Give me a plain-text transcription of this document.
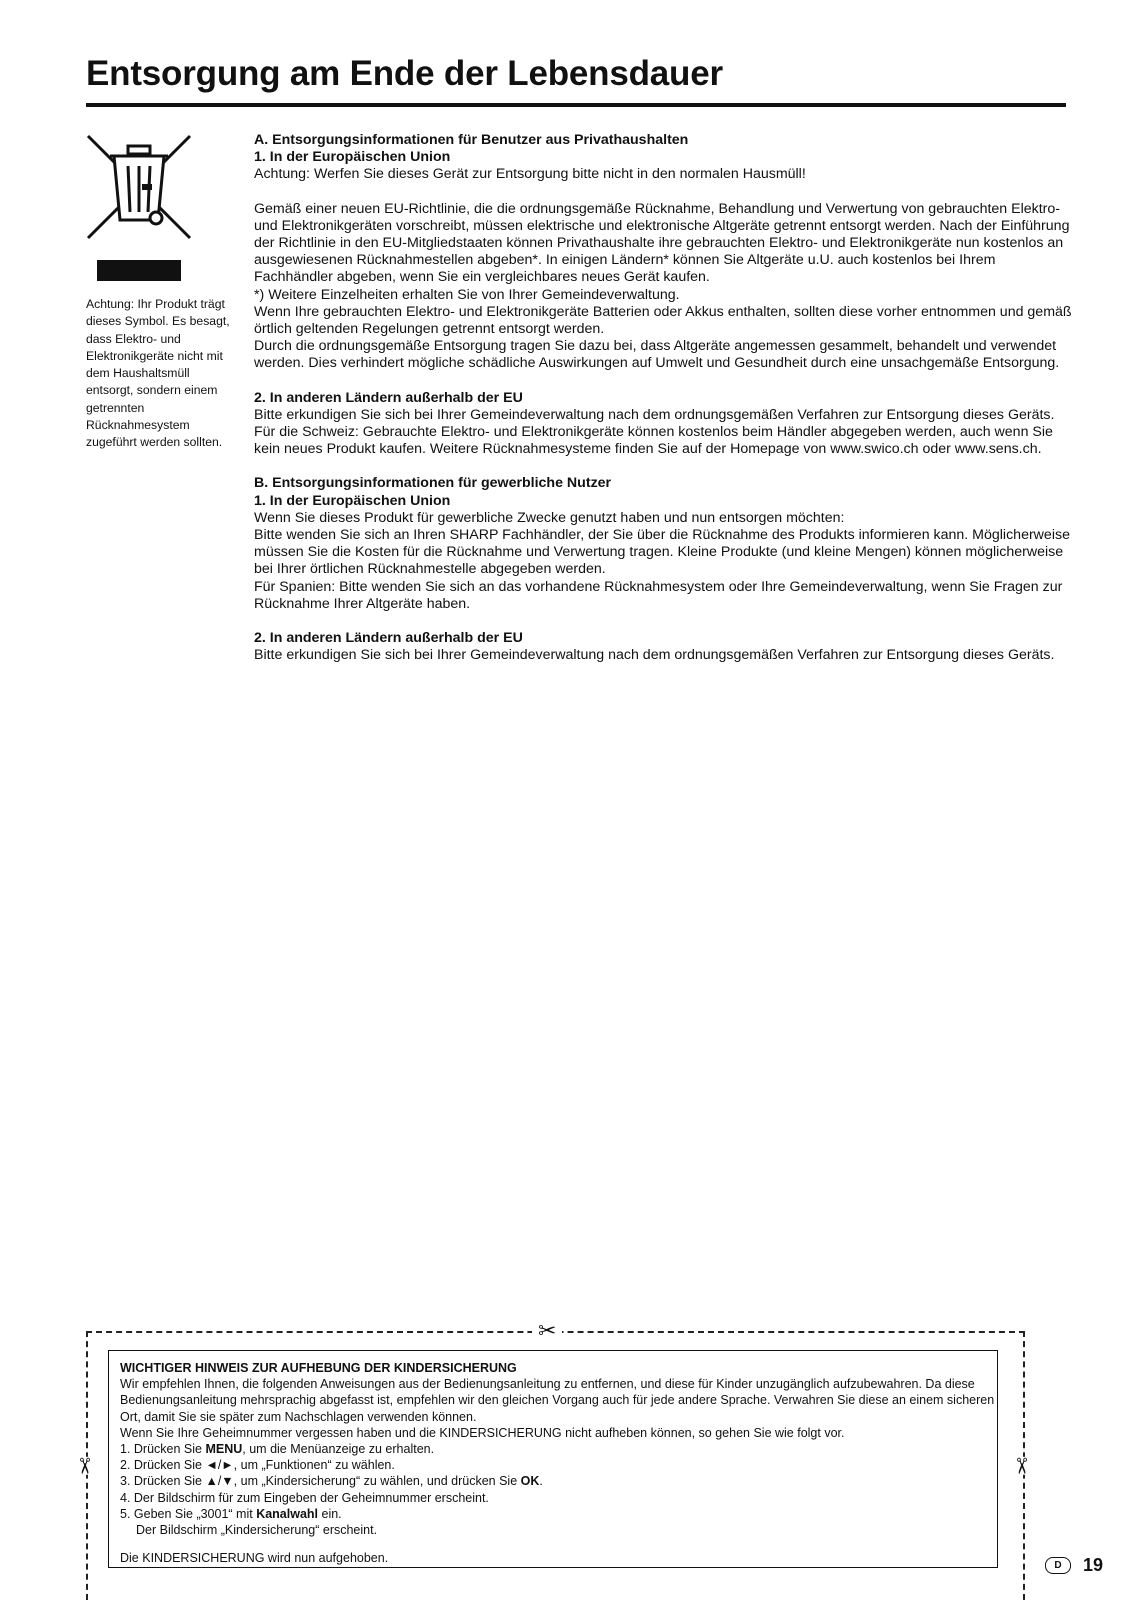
Entsorgung am Ende der Lebensdauer
Achtung: Ihr Produkt trägt dieses Symbol. Es besagt, dass Elektro- und Elektronikgeräte nicht mit dem Haushaltsmüll entsorgt, sondern einem getrennten Rücknahmesystem zugeführt werden sollten.

A. Entsorgungsinformationen für Benutzer aus Privathaushalten

1. In der Europäischen Union

Achtung: Werfen Sie dieses Gerät zur Entsorgung bitte nicht in den normalen Hausmüll!

Gemäß einer neuen EU-Richtlinie, die die ordnungsgemäße Rücknahme, Behandlung und Verwertung von gebrauchten Elektro- und Elektronikgeräten vorschreibt, müssen elektrische und elektronische Altgeräte getrennt entsorgt werden. Nach der Einführung der Richtlinie in den EU-Mitgliedstaaten können Privathaushalte ihre gebrauchten Elektro- und Elektronikgeräte nun kostenlos an ausgewiesenen Rücknahmestellen abgeben*. In einigen Ländern* können Sie Altgeräte u.U. auch kostenlos bei Ihrem Fachhändler abgeben, wenn Sie ein vergleichbares neues Gerät kaufen.

*) Weitere Einzelheiten erhalten Sie von Ihrer Gemeindeverwaltung.

Wenn Ihre gebrauchten Elektro- und Elektronikgeräte Batterien oder Akkus enthalten, sollten diese vorher entnommen und gemäß örtlich geltenden Regelungen getrennt entsorgt werden.

Durch die ordnungsgemäße Entsorgung tragen Sie dazu bei, dass Altgeräte angemessen gesammelt, behandelt und verwendet werden. Dies verhindert mögliche schädliche Auswirkungen auf Umwelt und Gesundheit durch eine unsachgemäße Entsorgung.

2. In anderen Ländern außerhalb der EU

Bitte erkundigen Sie sich bei Ihrer Gemeindeverwaltung nach dem ordnungsgemäßen Verfahren zur Entsorgung dieses Geräts.

Für die Schweiz: Gebrauchte Elektro- und Elektronikgeräte können kostenlos beim Händler abgegeben werden, auch wenn Sie kein neues Produkt kaufen. Weitere Rücknahmesysteme finden Sie auf der Homepage von www.swico.ch oder www.sens.ch.

B. Entsorgungsinformationen für gewerbliche Nutzer

1. In der Europäischen Union

Wenn Sie dieses Produkt für gewerbliche Zwecke genutzt haben und nun entsorgen möchten:

Bitte wenden Sie sich an Ihren SHARP Fachhändler, der Sie über die Rücknahme des Produkts informieren kann. Möglicherweise müssen Sie die Kosten für die Rücknahme und Verwertung tragen. Kleine Produkte (und kleine Mengen) können möglicherweise bei Ihrer örtlichen Rücknahmestelle abgegeben werden.

Für Spanien: Bitte wenden Sie sich an das vorhandene Rücknahmesystem oder Ihre Gemeindeverwaltung, wenn Sie Fragen zur Rücknahme Ihrer Altgeräte haben.

2. In anderen Ländern außerhalb der EU

Bitte erkundigen Sie sich bei Ihrer Gemeindeverwaltung nach dem ordnungsgemäßen Verfahren zur Entsorgung dieses Geräts.

✂
✂	✂

WICHTIGER HINWEIS ZUR AUFHEBUNG DER KINDERSICHERUNG

Wir empfehlen Ihnen, die folgenden Anweisungen aus der Bedienungsanleitung zu entfernen, und diese für Kinder unzugänglich aufzubewahren. Da diese Bedienungsanleitung mehrsprachig abgefasst ist, empfehlen wir den gleichen Vorgang auch für jede andere Sprache. Verwahren Sie diese an einem sicheren Ort, damit Sie sie später zum Nachschlagen verwenden können.

Wenn Sie Ihre Geheimnummer vergessen haben und die KINDERSICHERUNG nicht aufheben können, so gehen Sie wie folgt vor.

1. Drücken Sie MENU, um die Menüanzeige zu erhalten.

2. Drücken Sie ◄/►, um „Funktionen“ zu wählen.

3. Drücken Sie ▲/▼, um „Kindersicherung“ zu wählen, und drücken Sie OK.

4. Der Bildschirm für zum Eingeben der Geheimnummer erscheint.

5. Geben Sie „3001“ mit Kanalwahl ein.

Der Bildschirm „Kindersicherung“ erscheint.

Die KINDERSICHERUNG wird nun aufgehoben.

D	19
